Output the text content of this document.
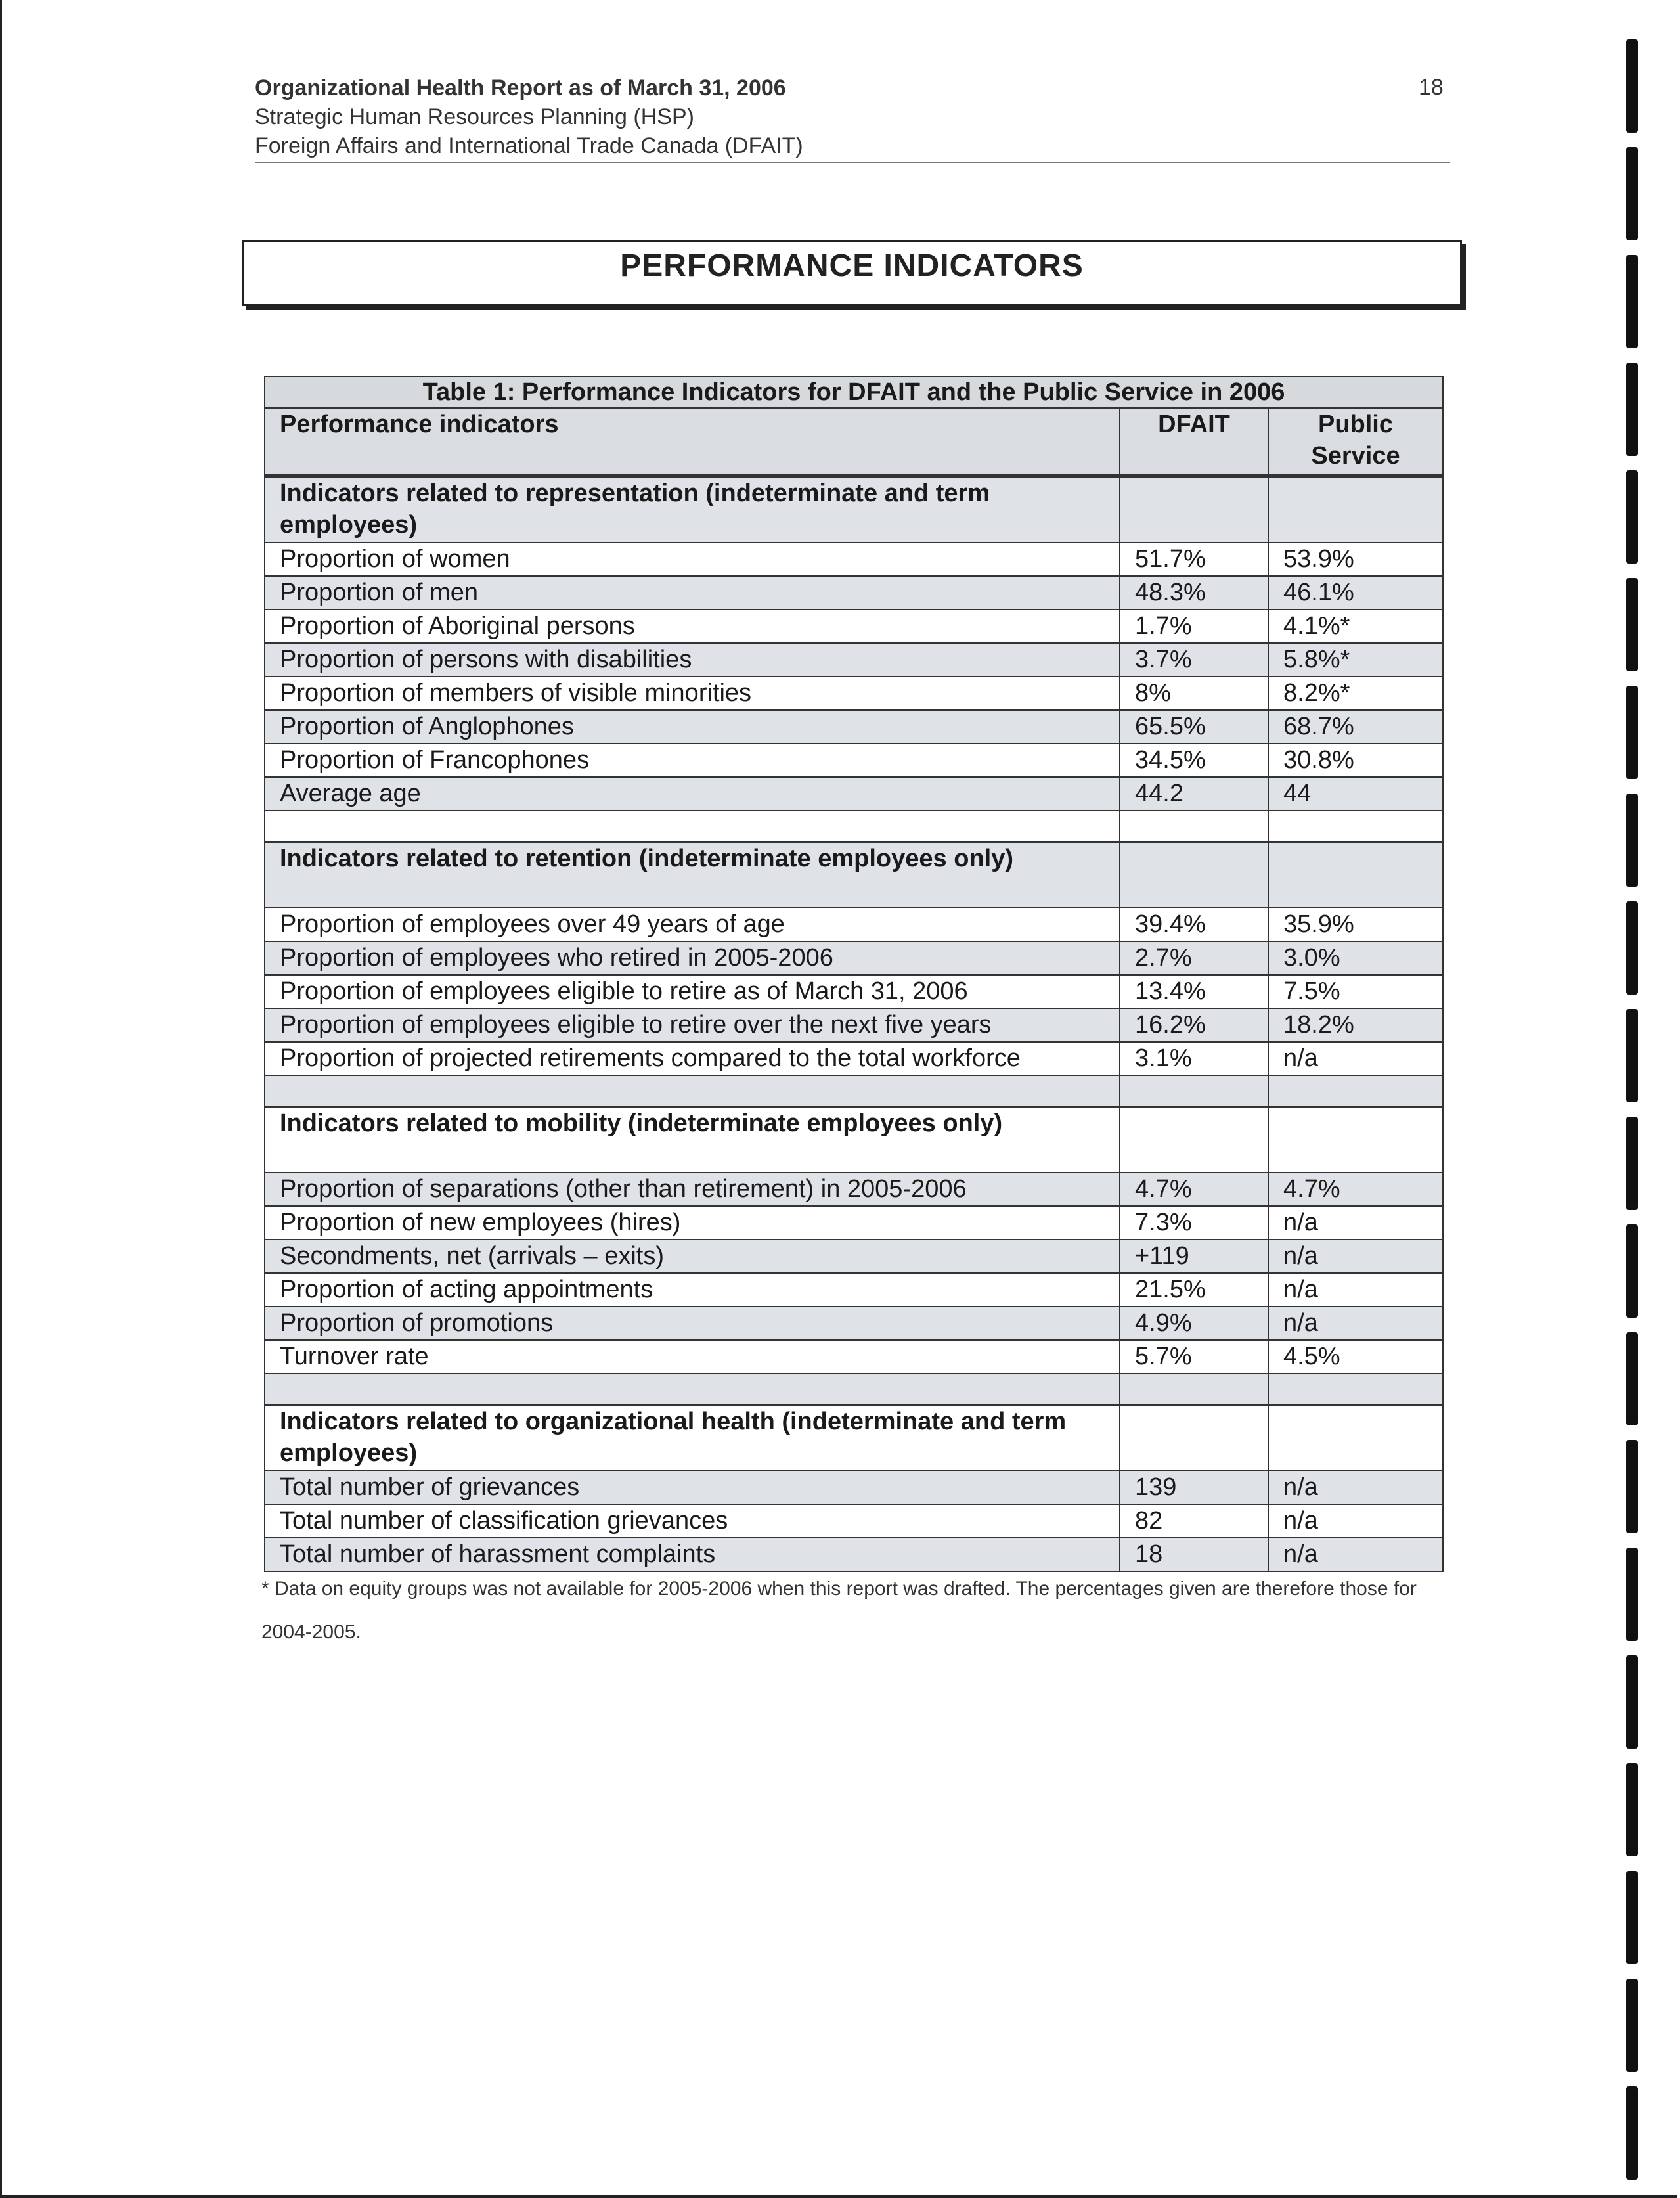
Organizational Health Report as of March 31, 2006
Strategic Human Resources Planning (HSP)
Foreign Affairs and International Trade Canada (DFAIT)
18
PERFORMANCE INDICATORS
Table 1: Performance Indicators for DFAIT and the Public Service in 2006		
Performance indicators	DFAIT	Public Service
Indicators related to representation (indeterminate and term employees)		
Proportion of women	51.7%	53.9%
Proportion of men	48.3%	46.1%
Proportion of Aboriginal persons	1.7%	4.1%*
Proportion of persons with disabilities	3.7%	5.8%*
Proportion of members of visible minorities	8%	8.2%*
Proportion of Anglophones	65.5%	68.7%
Proportion of Francophones	34.5%	30.8%
Average age	44.2	44

Indicators related to retention (indeterminate employees only)		
Proportion of employees over 49 years of age	39.4%	35.9%
Proportion of employees who retired in 2005-2006	2.7%	3.0%
Proportion of employees eligible to retire as of March 31, 2006	13.4%	7.5%
Proportion of employees eligible to retire over the next five years	16.2%	18.2%
Proportion of projected retirements compared to the total workforce	3.1%	n/a

Indicators related to mobility (indeterminate employees only)		
Proportion of separations (other than retirement) in 2005-2006	4.7%	4.7%
Proportion of new employees (hires)	7.3%	n/a
Secondments, net (arrivals – exits)	+119	n/a
Proportion of acting appointments	21.5%	n/a
Proportion of promotions	4.9%	n/a
Turnover rate	5.7%	4.5%

Indicators related to organizational health (indeterminate and term employees)		
Total number of grievances	139	n/a
Total number of classification grievances	82	n/a
Total number of harassment complaints	18	n/a
* Data on equity groups was not available for 2005-2006 when this report was drafted. The percentages given are therefore those for 2004-2005.
